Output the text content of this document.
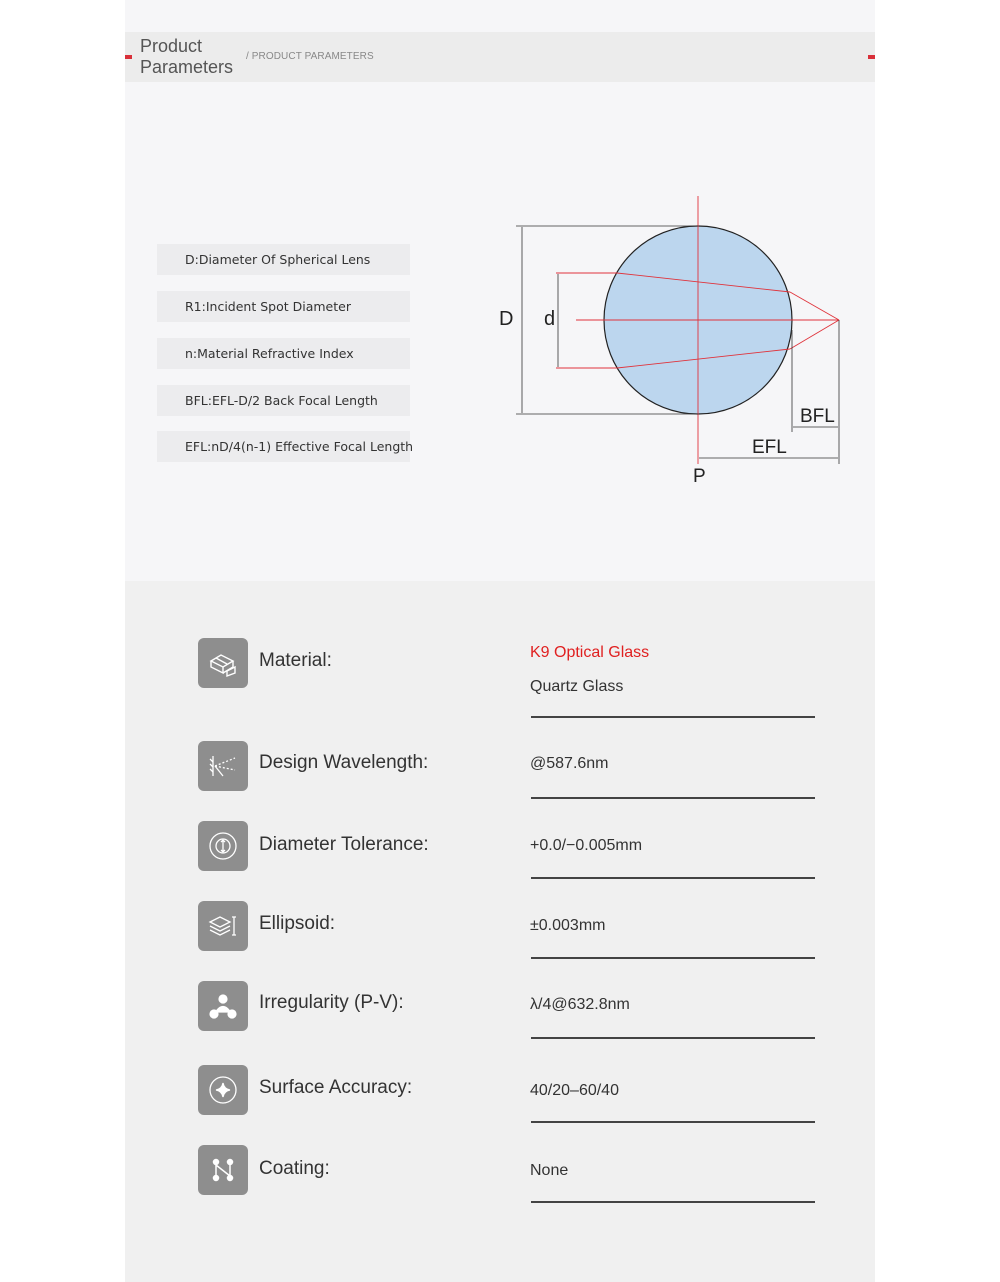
Product
Parameters
/ PRODUCT PARAMETERS
D:Diameter Of Spherical Lens
R1:Incident Spot Diameter
n:Material Refractive Index
BFL:EFL-D/2 Back Focal Length
EFL:nD/4(n-1) Effective Focal Length
D d
BFL
EFL
P
Material:	K9 Optical Glass
Quartz Glass
Design Wavelength:	@587.6nm
Diameter Tolerance:	+0.0/−0.005mm
Ellipsoid:	±0.003mm
Irregularity (P-V):	λ/4@632.8nm
Surface Accuracy:	40/20–60/40
Coating:	None
